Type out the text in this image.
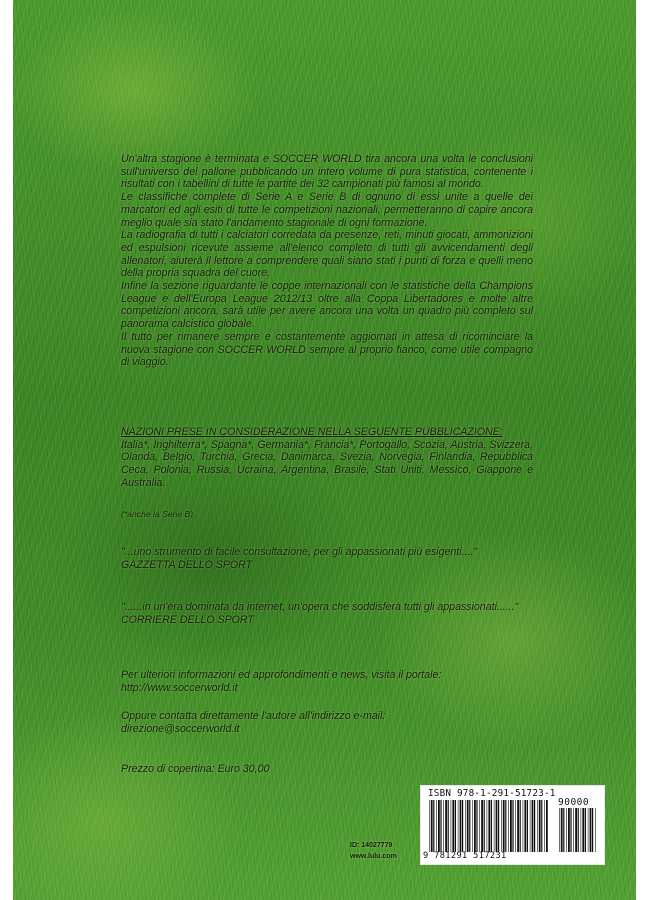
Un'altra stagione è terminata e SOCCER WORLD tira ancora una volta le conclusioni sull'universo del pallone pubblicando un intero volume di pura statistica, contenente i risultati con i tabellini di tutte le partite dei 32 campionati più famosi al mondo.

Le classifiche complete di Serie A e Serie B di ognuno di essi unite a quelle dei marcatori ed agli esiti di tutte le competizioni nazionali, permetteranno di capire ancora meglio quale sia stato l'andamento stagionale di ogni formazione.

La radiografia di tutti i calciatori corredata da presenze, reti, minuti giocati, ammonizioni ed espulsioni ricevute assieme all'elenco completo di tutti gli avvicendamenti degli allenatori, aiuterà il lettore a comprendere quali siano stati i punti di forza e quelli meno della propria squadra del cuore.

Infine la sezione riguardante le coppe internazionali con le statistiche della Champions League e dell'Europa League 2012/13 oltre alla Coppa Libertadores e molte altre competizioni ancora, sarà utile per avere ancora una volta un quadro più completo sul panorama calcistico globale.

Il tutto per rimanere sempre e costantemente aggiornati in attesa di ricominciare la nuova stagione con SOCCER WORLD sempre al proprio fianco, come utile compagno di viaggio.

NAZIONI PRESE IN CONSIDERAZIONE NELLA SEGUENTE PUBBLICAZIONE:

Italia*, Inghilterra*, Spagna*, Germania*, Francia*, Portogallo, Scozia, Austria, Svizzera, Olanda, Belgio, Turchia, Grecia, Danimarca, Svezia, Norvegia, Finlandia, Repubblica Ceca, Polonia, Russia, Ucraina, Argentina, Brasile, Stati Uniti, Messico, Giappone e Australia.

(*anche la Serie B)
"...uno strumento di facile consultazione, per gli appassionati più esigenti...."
GAZZETTA DELLO SPORT
"......in un'era dominata da internet, un'opera che soddisferà tutti gli appassionati......"
CORRIERE DELLO SPORT
Per ulteriori informazioni ed approfondimenti e news, visita il portale:
http://www.soccerworld.it
Oppure contatta direttamente l'autore all'indirizzo e-mail:
direzione@soccerworld.it
Prezzo di copertina: Euro 30,00
ID: 14027779
www.lulu.com
ISBN 978-1-291-51723-1
90000
9 781291 517231
